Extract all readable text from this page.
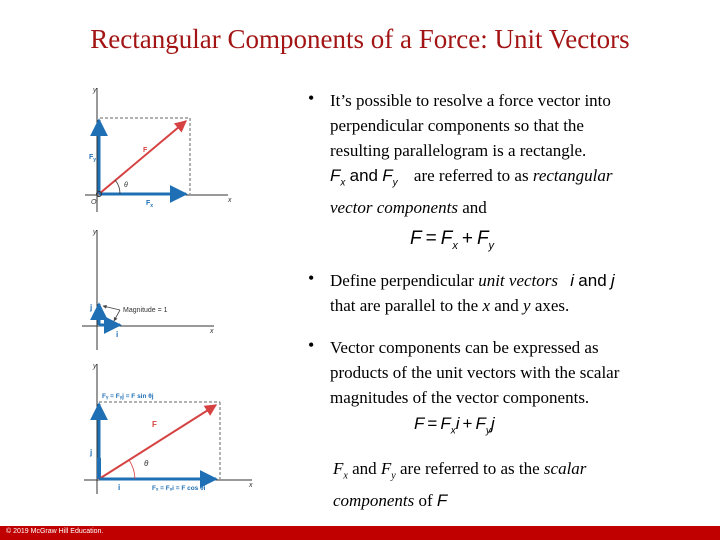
Rectangular Components of a Force: Unit Vectors
y
x
O
F
$F_y$
$F_x$
θ
y
x
j
i
Magnitude = 1
y
x
F
j
i
θ
Fᵧ = Fᵧj = F sin θj
Fₓ = Fₓi = F cos θi
• It’s possible to resolve a force vector into
perpendicular components so that the
resulting parallelogram is a rectangle.
$F_x$ and $F_y$ are referred to as rectangular
vector components and
$F = F_x + F_y$
• Define perpendicular unit vectors i and j
that are parallel to the x and y axes.
• Vector components can be expressed as
products of the unit vectors with the scalar
magnitudes of the vector components.
$F = F_xi + F_yj$
$F_x$ and $F_y$ are referred to as the scalar
components of F
© 2019 McGraw Hill Education.
